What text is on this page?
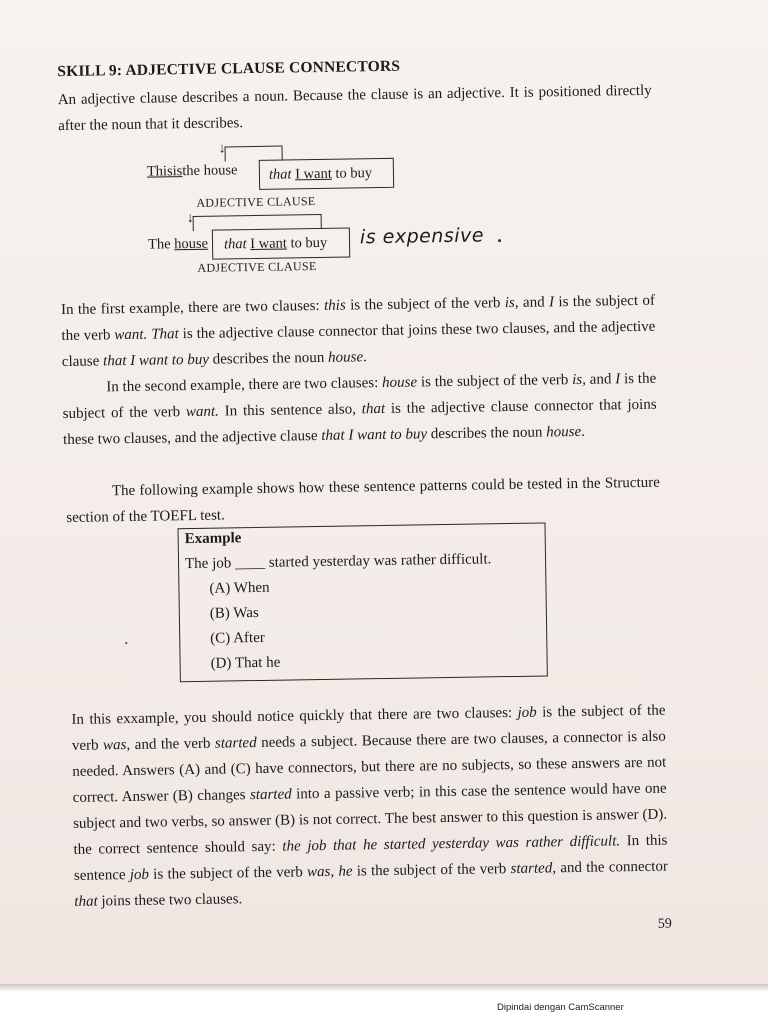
SKILL 9: ADJECTIVE CLAUSE CONNECTORS
An adjective clause describes a noun. Because the clause is an adjective. It is positioned directly after the noun that it describes.
↓
Thisisthe house that I want to buy
ADJECTIVE CLAUSE
↓
The house that I want to buy is expensive
ADJECTIVE CLAUSE
In the first example, there are two clauses: this is the subject of the verb is, and I is the subject of the verb want. That is the adjective clause connector that joins these two clauses, and the adjective clause that I want to buy describes the noun house.
In the second example, there are two clauses: house is the subject of the verb is, and I is the subject of the verb want. In this sentence also, that is the adjective clause connector that joins these two clauses, and the adjective clause that I want to buy describes the noun house.
The following example shows how these sentence patterns could be tested in the Structure section of the TOEFL test.
Example
The job ____ started yesterday was rather difficult.
(A) When
(B) Was
(C) After
(D) That he
In this exxample, you should notice quickly that there are two clauses: job is the subject of the verb was, and the verb started needs a subject. Because there are two clauses, a connector is also needed. Answers (A) and (C) have connectors, but there are no subjects, so these answers are not correct. Answer (B) changes started into a passive verb; in this case the sentence would have one subject and two verbs, so answer (B) is not correct. The best answer to this question is answer (D). the correct sentence should say: the job that he started yesterday was rather difficult. In this sentence job is the subject of the verb was, he is the subject of the verb started, and the connector that joins these two clauses.
59
Dipindai dengan CamScanner
